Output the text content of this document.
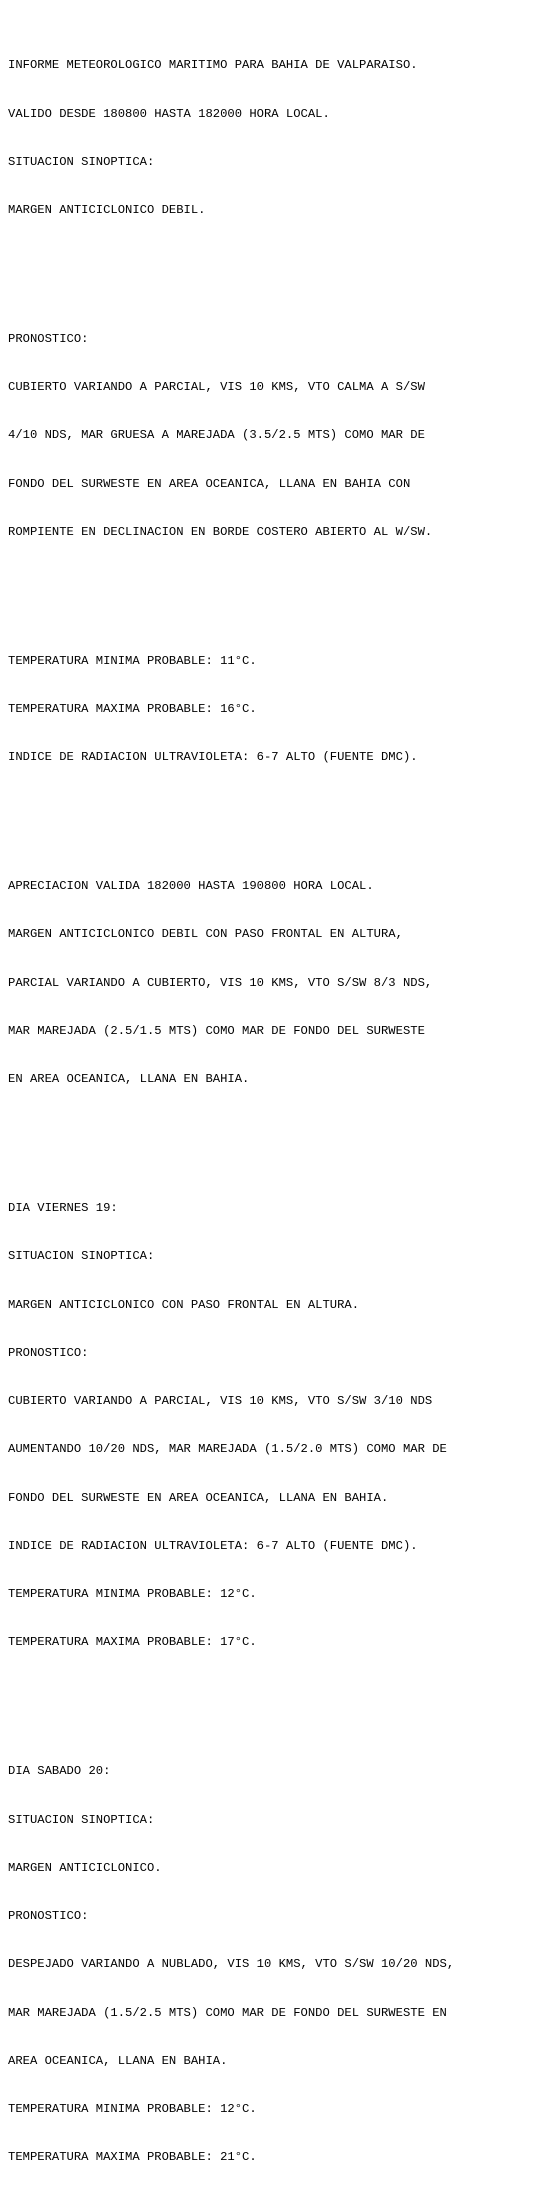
INFORME METEOROLOGICO MARITIMO PARA BAHIA DE VALPARAISO.

VALIDO DESDE 180800 HASTA 182000 HORA LOCAL.

SITUACION SINOPTICA:

MARGEN ANTICICLONICO DEBIL.

PRONOSTICO:

CUBIERTO VARIANDO A PARCIAL, VIS 10 KMS, VTO CALMA A S/SW

4/10 NDS, MAR GRUESA A MAREJADA (3.5/2.5 MTS) COMO MAR DE

FONDO DEL SURWESTE EN AREA OCEANICA, LLANA EN BAHIA CON

ROMPIENTE EN DECLINACION EN BORDE COSTERO ABIERTO AL W/SW.

TEMPERATURA MINIMA PROBABLE: 11°C.

TEMPERATURA MAXIMA PROBABLE: 16°C.

INDICE DE RADIACION ULTRAVIOLETA: 6-7 ALTO (FUENTE DMC).

APRECIACION VALIDA 182000 HASTA 190800 HORA LOCAL.

MARGEN ANTICICLONICO DEBIL CON PASO FRONTAL EN ALTURA,

PARCIAL VARIANDO A CUBIERTO, VIS 10 KMS, VTO S/SW 8/3 NDS,

MAR MAREJADA (2.5/1.5 MTS) COMO MAR DE FONDO DEL SURWESTE

EN AREA OCEANICA, LLANA EN BAHIA.

DIA VIERNES 19:

SITUACION SINOPTICA:

MARGEN ANTICICLONICO CON PASO FRONTAL EN ALTURA.

PRONOSTICO:

CUBIERTO VARIANDO A PARCIAL, VIS 10 KMS, VTO S/SW 3/10 NDS

AUMENTANDO 10/20 NDS, MAR MAREJADA (1.5/2.0 MTS) COMO MAR DE

FONDO DEL SURWESTE EN AREA OCEANICA, LLANA EN BAHIA.

INDICE DE RADIACION ULTRAVIOLETA: 6-7 ALTO (FUENTE DMC).

TEMPERATURA MINIMA PROBABLE: 12°C.

TEMPERATURA MAXIMA PROBABLE: 17°C.

DIA SABADO 20:

SITUACION SINOPTICA:

MARGEN ANTICICLONICO.

PRONOSTICO:

DESPEJADO VARIANDO A NUBLADO, VIS 10 KMS, VTO S/SW 10/20 NDS,

MAR MAREJADA (1.5/2.5 MTS) COMO MAR DE FONDO DEL SURWESTE EN

AREA OCEANICA, LLANA EN BAHIA.

TEMPERATURA MINIMA PROBABLE: 12°C.

TEMPERATURA MAXIMA PROBABLE: 21°C.
